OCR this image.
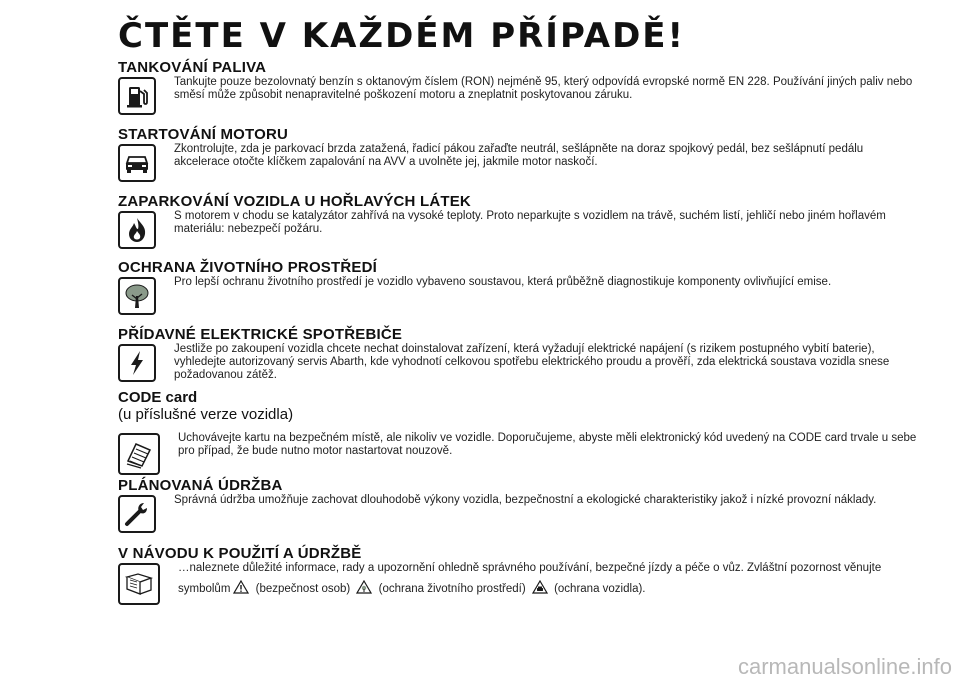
ČTĚTE V KAŽDÉM PŘÍPADĚ!
TANKOVÁNÍ PALIVA
Tankujte pouze bezolovnatý benzín s oktanovým číslem (RON) nejméně 95, který odpovídá evropské normě EN 228. Používání jiných paliv nebo směsí může způsobit nenapravitelné poškození motoru a zneplatnit poskytovanou záruku.
STARTOVÁNÍ MOTORU
Zkontrolujte, zda je parkovací brzda zatažená, řadicí pákou zařaďte neutrál, sešlápněte na doraz spojkový pedál, bez sešlápnutí pedálu akcelerace otočte klíčkem zapalování na AVV a uvolněte jej, jakmile motor naskočí.
ZAPARKOVÁNÍ VOZIDLA U HOŘLAVÝCH LÁTEK
S motorem v chodu se katalyzátor zahřívá na vysoké teploty. Proto neparkujte s vozidlem na trávě, suchém listí, jehličí nebo jiném hořlavém materiálu: nebezpečí požáru.
OCHRANA ŽIVOTNÍHO PROSTŘEDÍ
Pro lepší ochranu životního prostředí je vozidlo vybaveno soustavou, která průběžně diagnostikuje komponenty ovlivňující emise.
PŘÍDAVNÉ ELEKTRICKÉ SPOTŘEBIČE
Jestliže po zakoupení vozidla chcete nechat doinstalovat zařízení, která vyžadují elektrické napájení (s rizikem postupného vybití baterie), vyhledejte autorizovaný servis Abarth, kde vyhodnotí celkovou spotřebu elektrického proudu a prověří, zda elektrická soustava vozidla snese požadovanou zátěž.
CODE card
(u příslušné verze vozidla)
Uchovávejte kartu na bezpečném místě, ale nikoliv ve vozidle. Doporučujeme, abyste měli elektronický kód uvedený na CODE card trvale u sebe pro případ, že bude nutno motor nastartovat nouzově.
PLÁNOVANÁ ÚDRŽBA
Správná údržba umožňuje zachovat dlouhodobě výkony vozidla, bezpečnostní a ekologické charakteristiky jakož i nízké provozní náklady.
V NÁVODU K POUŽITÍ A ÚDRŽBĚ
…naleznete důležité informace, rady a upozornění ohledně správného používání, bezpečné jízdy a péče o vůz. Zvláštní pozornost věnujte
symbolům (bezpečnost osob) (ochrana životního prostředí) (ochrana vozidla).
carmanualsonline.info
